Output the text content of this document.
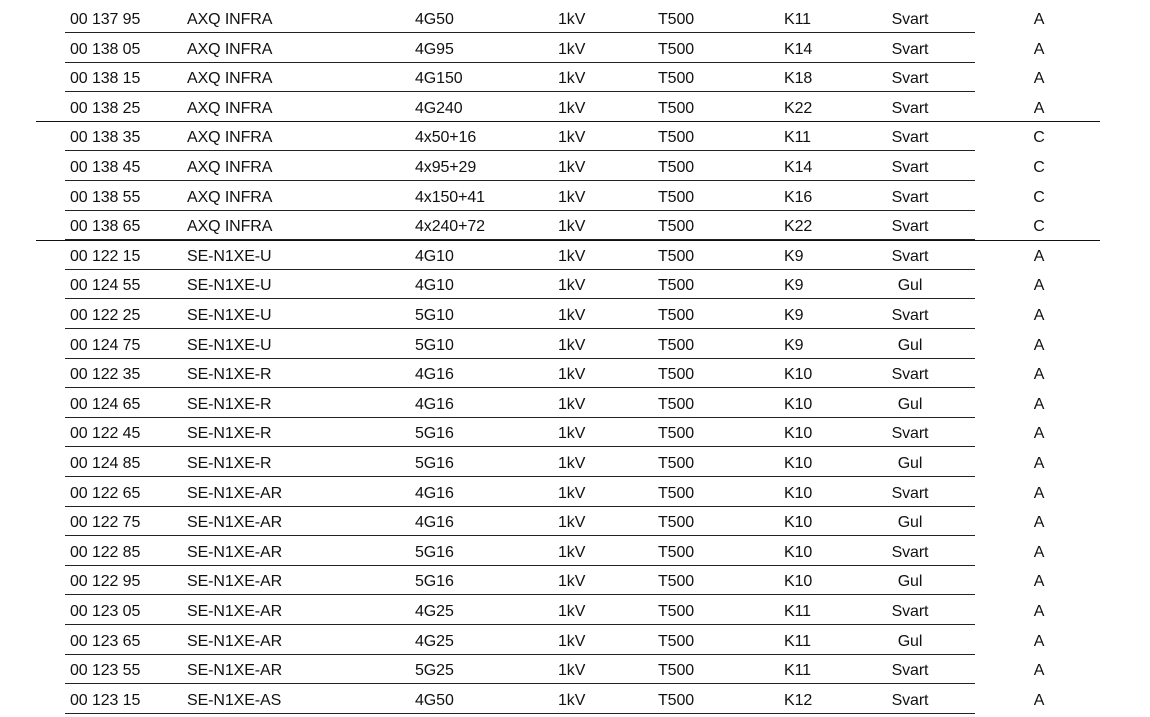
00 137 95	AXQ INFRA	4G50	1kV	T500	K11	Svart	A
00 138 05	AXQ INFRA	4G95	1kV	T500	K14	Svart	A
00 138 15	AXQ INFRA	4G150	1kV	T500	K18	Svart	A
00 138 25	AXQ INFRA	4G240	1kV	T500	K22	Svart	A
00 138 35	AXQ INFRA	4x50+16	1kV	T500	K11	Svart	C
00 138 45	AXQ INFRA	4x95+29	1kV	T500	K14	Svart	C
00 138 55	AXQ INFRA	4x150+41	1kV	T500	K16	Svart	C
00 138 65	AXQ INFRA	4x240+72	1kV	T500	K22	Svart	C
00 122 15	SE-N1XE-U	4G10	1kV	T500	K9	Svart	A
00 124 55	SE-N1XE-U	4G10	1kV	T500	K9	Gul	A
00 122 25	SE-N1XE-U	5G10	1kV	T500	K9	Svart	A
00 124 75	SE-N1XE-U	5G10	1kV	T500	K9	Gul	A
00 122 35	SE-N1XE-R	4G16	1kV	T500	K10	Svart	A
00 124 65	SE-N1XE-R	4G16	1kV	T500	K10	Gul	A
00 122 45	SE-N1XE-R	5G16	1kV	T500	K10	Svart	A
00 124 85	SE-N1XE-R	5G16	1kV	T500	K10	Gul	A
00 122 65	SE-N1XE-AR	4G16	1kV	T500	K10	Svart	A
00 122 75	SE-N1XE-AR	4G16	1kV	T500	K10	Gul	A
00 122 85	SE-N1XE-AR	5G16	1kV	T500	K10	Svart	A
00 122 95	SE-N1XE-AR	5G16	1kV	T500	K10	Gul	A
00 123 05	SE-N1XE-AR	4G25	1kV	T500	K11	Svart	A
00 123 65	SE-N1XE-AR	4G25	1kV	T500	K11	Gul	A
00 123 55	SE-N1XE-AR	5G25	1kV	T500	K11	Svart	A
00 123 15	SE-N1XE-AS	4G50	1kV	T500	K12	Svart	A
